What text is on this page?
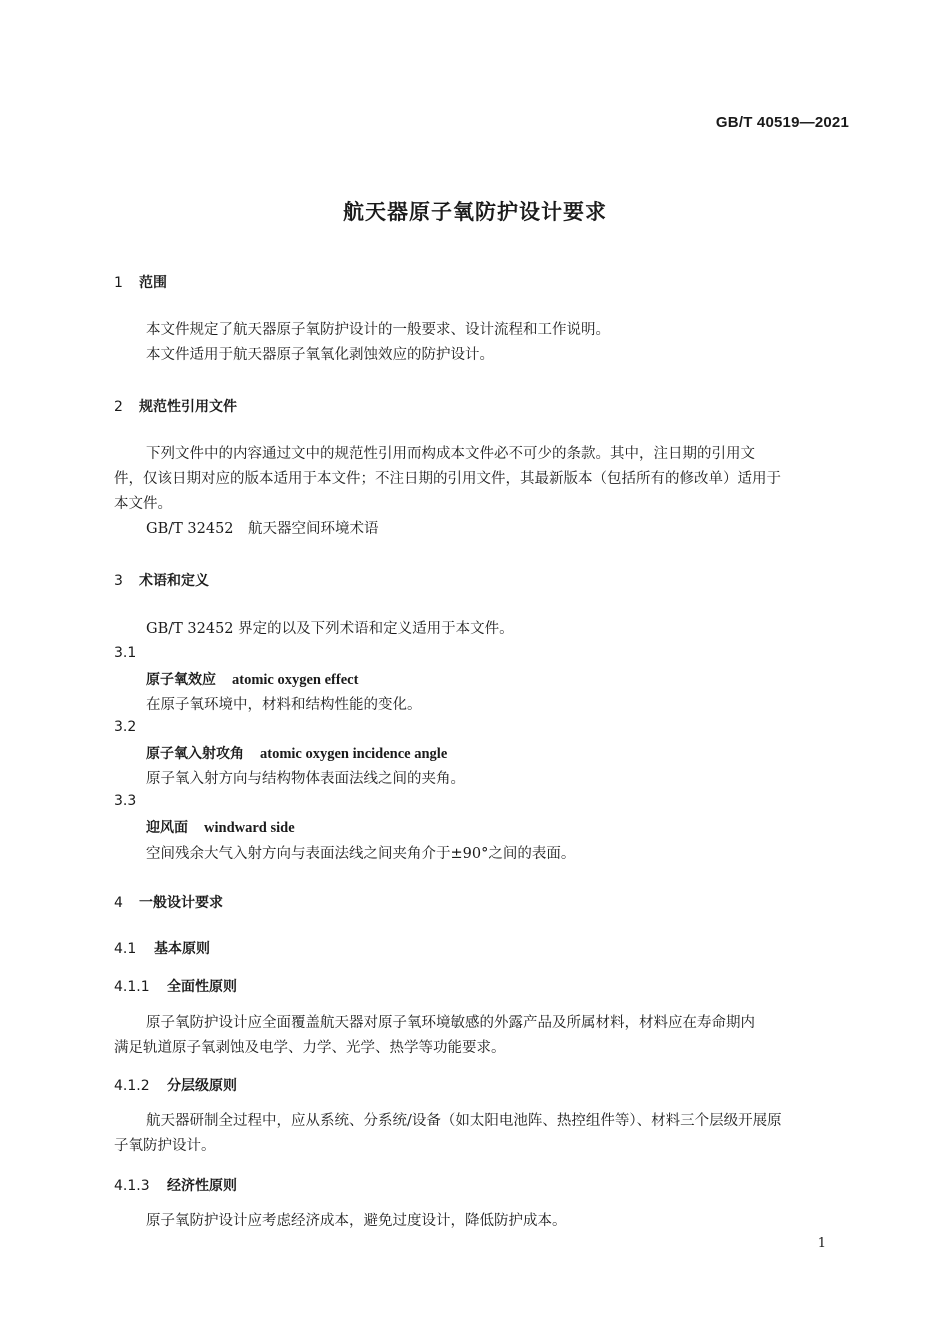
GB/T 40519—2021
航天器原子氧防护设计要求
1 范围
本文件规定了航天器原子氧防护设计的一般要求、设计流程和工作说明。
本文件适用于航天器原子氧氧化剥蚀效应的防护设计。
2 规范性引用文件
下列文件中的内容通过文中的规范性引用而构成本文件必不可少的条款。其中，注日期的引用文
件，仅该日期对应的版本适用于本文件；不注日期的引用文件，其最新版本（包括所有的修改单）适用于
本文件。
GB/T 32452　航天器空间环境术语
3 术语和定义
GB/T 32452 界定的以及下列术语和定义适用于本文件。
3.1
原子氧效应 atomic oxygen effect
在原子氧环境中，材料和结构性能的变化。
3.2
原子氧入射攻角 atomic oxygen incidence angle
原子氧入射方向与结构物体表面法线之间的夹角。
3.3
迎风面 windward side
空间残余大气入射方向与表面法线之间夹角介于±90°之间的表面。
4 一般设计要求
4.1 基本原则
4.1.1 全面性原则
原子氧防护设计应全面覆盖航天器对原子氧环境敏感的外露产品及所属材料，材料应在寿命期内
满足轨道原子氧剥蚀及电学、力学、光学、热学等功能要求。
4.1.2 分层级原则
航天器研制全过程中，应从系统、分系统/设备（如太阳电池阵、热控组件等）、材料三个层级开展原
子氧防护设计。
4.1.3 经济性原则
原子氧防护设计应考虑经济成本，避免过度设计，降低防护成本。
1
